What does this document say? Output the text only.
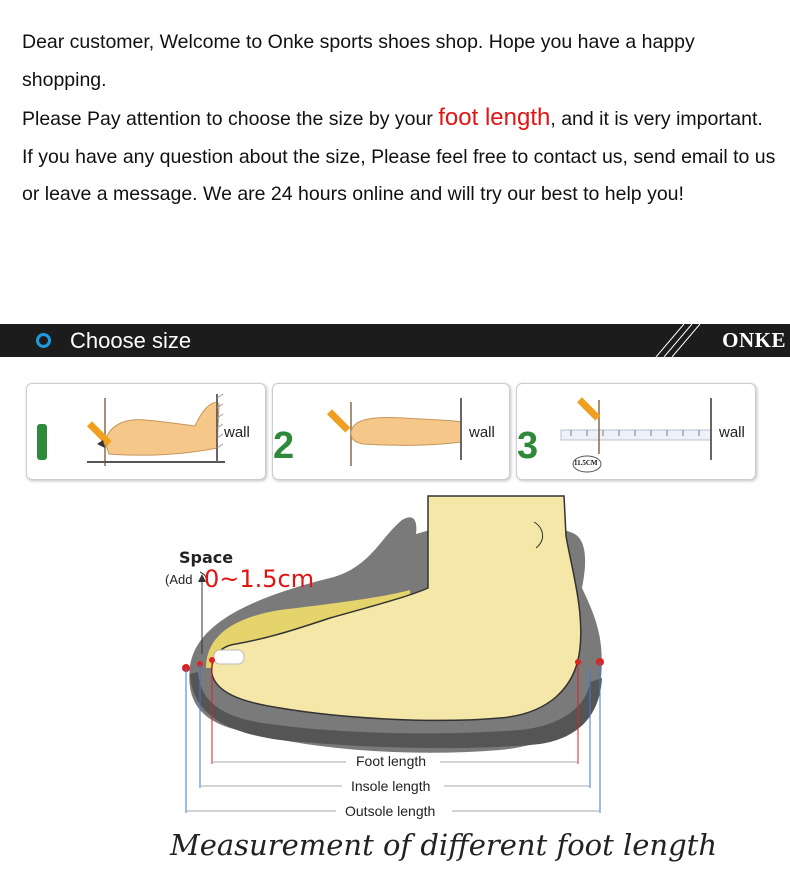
Dear customer, Welcome to Onke sports shoes shop. Hope you have a happy shopping.

Please Pay attention to choose the size by your foot length, and it is very important.

If you have any question about the size, Please feel free to contact us, send email to us or leave a message. We are 24 hours online and will try our best to help you!

Choose size	ONKE
wall 2	wall 3	11.5CM
wall
Space
(Add 0~1.5cm
Foot length
Insole length
Outsole length
Measurement of different foot length
